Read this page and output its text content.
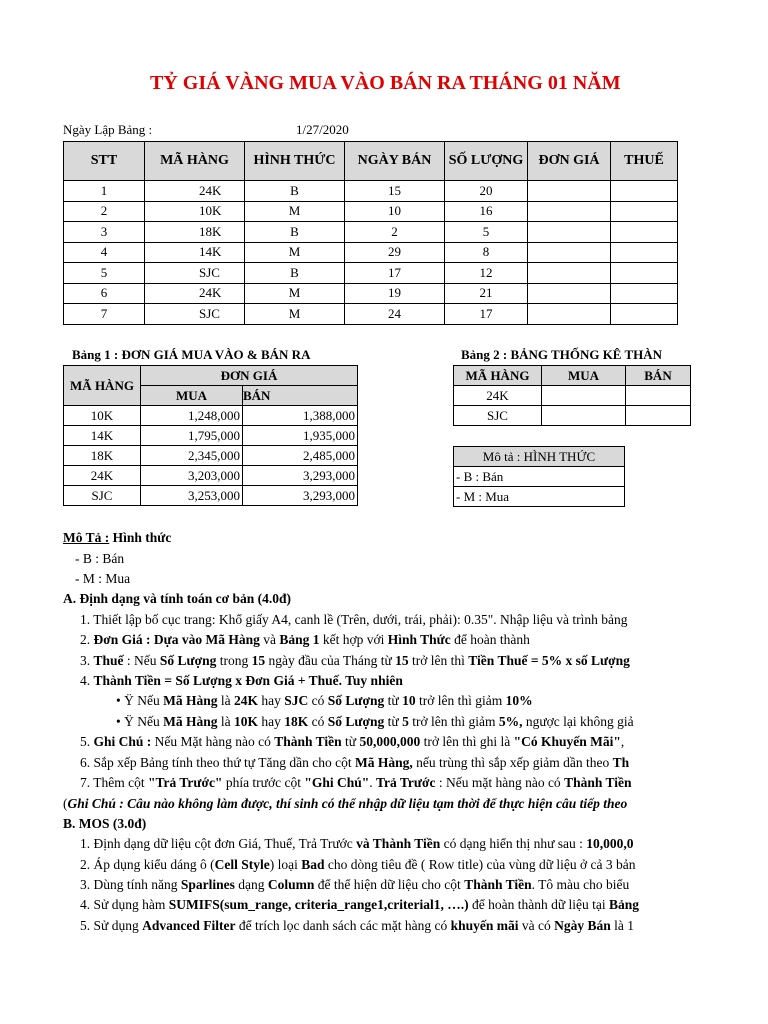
TỶ GIÁ VÀNG MUA VÀO BÁN RA THÁNG 01 NĂM
Ngày Lập Bảng :	1/27/2020
STT	MÃ HÀNG	HÌNH THỨC	NGÀY BÁN	SỐ LƯỢNG	ĐƠN GIÁ	THUẾ
1	24K	B	15	20		
2	10K	M	10	16		
3	18K	B	2	5		
4	14K	M	29	8		
5	SJC	B	17	12		
6	24K	M	19	21		
7	SJC	M	24	17		
Bảng 1 : ĐƠN GIÁ MUA VÀO & BÁN RA
MÃ HÀNG	ĐƠN GIÁ	
	MUA	BÁN
10K	1,248,000	1,388,000
14K	1,795,000	1,935,000
18K	2,345,000	2,485,000
24K	3,203,000	3,293,000
SJC	3,253,000	3,293,000
Bảng 2 : BẢNG THỐNG KÊ THÀN
MÃ HÀNG	MUA	BÁN
24K		
SJC		
Mô tả : HÌNH THỨC
- B : Bán
- M : Mua
Mô Tả : Hình thức
- B : Bán
- M : Mua
A. Định dạng và tính toán cơ bản (4.0đ)
1. Thiết lập bố cục trang: Khổ giấy A4, canh lề (Trên, dưới, trái, phải): 0.35". Nhập liệu và trình bảng
2. Đơn Giá : Dựa vào Mã Hàng và Bảng 1 kết hợp với Hình Thức để hoàn thành
3. Thuế : Nếu Số Lượng trong 15 ngày đầu của Tháng từ 15 trở lên thì Tiền Thuế = 5% x số Lượng
4. Thành Tiền = Số Lượng x Đơn Giá + Thuế. Tuy nhiên
• Ÿ Nếu Mã Hàng là 24K hay SJC có Số Lượng từ 10 trở lên thì giảm 10%
• Ÿ Nếu Mã Hàng là 10K hay 18K có Số Lượng từ 5 trở lên thì giảm 5%, ngược lại không giả
5. Ghi Chú : Nếu Mặt hàng nào có Thành Tiền từ 50,000,000 trở lên thì ghi là "Có Khuyến Mãi",
6. Sắp xếp Bảng tính theo thứ tự Tăng dần cho cột Mã Hàng, nếu trùng thì sắp xếp giảm dần theo Th
7. Thêm cột "Trả Trước" phía trước cột "Ghi Chú". Trả Trước : Nếu mặt hàng nào có Thành Tiền
(Ghi Chú : Câu nào không làm được, thí sinh có thể nhập dữ liệu tạm thời để thực hiện câu tiếp theo
B. MOS (3.0đ)
1. Định dạng dữ liệu cột đơn Giá, Thuế, Trả Trước và Thành Tiền có dạng hiển thị như sau : 10,000,0
2. Áp dụng kiểu dáng ô (Cell Style) loại Bad cho dòng tiêu đề ( Row title) của vùng dữ liệu ở cả 3 bản
3. Dùng tính năng Sparlines dạng Column để thể hiện dữ liệu cho cột Thành Tiền. Tô màu cho biểu
4. Sử dụng hàm SUMIFS(sum_range, criteria_range1,criterial1, ….) để hoàn thành dữ liệu tại Bảng
5. Sử dụng Advanced Filter để trích lọc danh sách các mặt hàng có khuyến mãi và có Ngày Bán là 1
